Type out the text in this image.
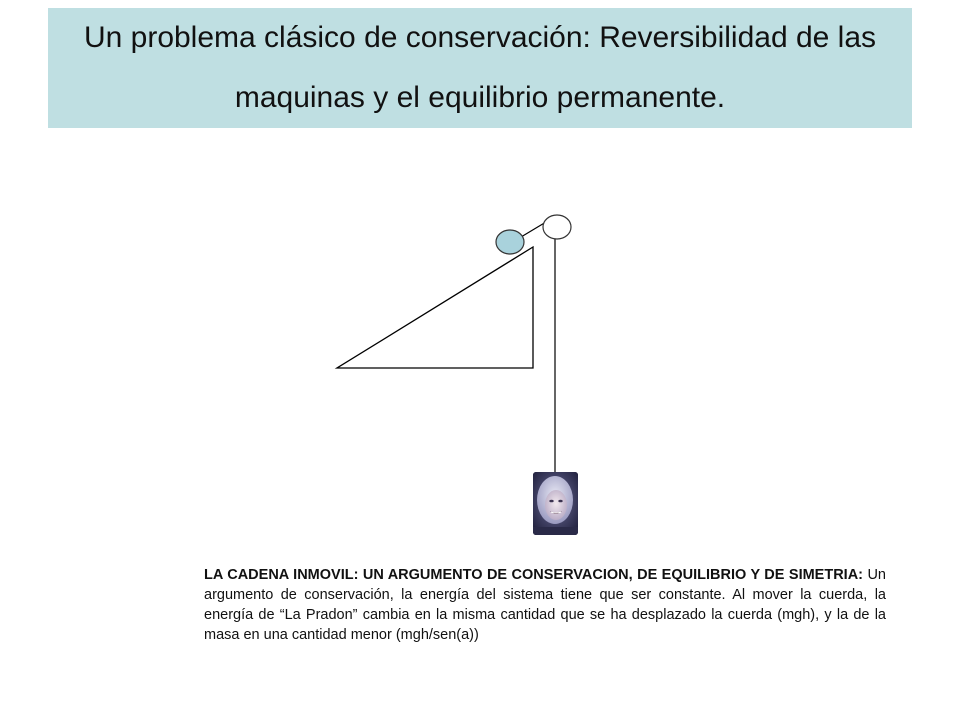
Un problema clásico de conservación: Reversibilidad de las maquinas y el equilibrio permanente.

LA CADENA INMOVIL: UN ARGUMENTO DE CONSERVACION, DE EQUILIBRIO Y DE SIMETRIA: Un argumento de conservación, la energía del sistema tiene que ser constante. Al mover la cuerda, la energía de “La Pradon” cambia en la misma cantidad que se ha desplazado la cuerda (mgh), y la de la masa en una cantidad menor (mgh/sen(a))
